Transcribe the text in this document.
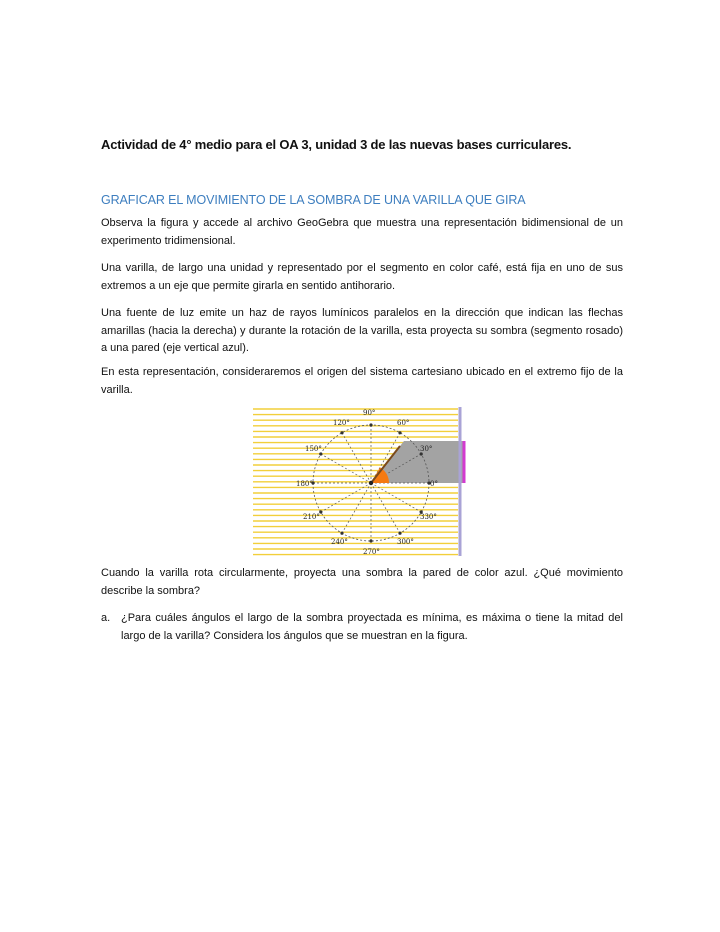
Actividad de 4° medio para el OA 3, unidad 3 de las nuevas bases curriculares.
GRAFICAR EL MOVIMIENTO DE LA SOMBRA DE UNA VARILLA QUE GIRA

Observa la figura y accede al archivo GeoGebra que muestra una representación bidimensional de un experimento tridimensional.

Una varilla, de largo una unidad y representado por el segmento en color café, está fija en uno de sus extremos a un eje que permite girarla en sentido antihorario.

Una fuente de luz emite un haz de rayos lumínicos paralelos en la dirección que indican las flechas amarillas (hacia la derecha) y durante la rotación de la varilla, esta proyecta su sombra (segmento rosado) a una pared (eje vertical azul).

En esta representación, consideraremos el origen del sistema cartesiano ubicado en el extremo fijo de la varilla.

90°
120°	60°
150°	30°
180°	0°
210°	330°
240°	300°
270°

Cuando la varilla rota circularmente, proyecta una sombra la pared de color azul. ¿Qué movimiento describe la sombra?

a. ¿Para cuáles ángulos el largo de la sombra proyectada es mínima, es máxima o tiene la mitad del largo de la varilla? Considera los ángulos que se muestran en la figura.
